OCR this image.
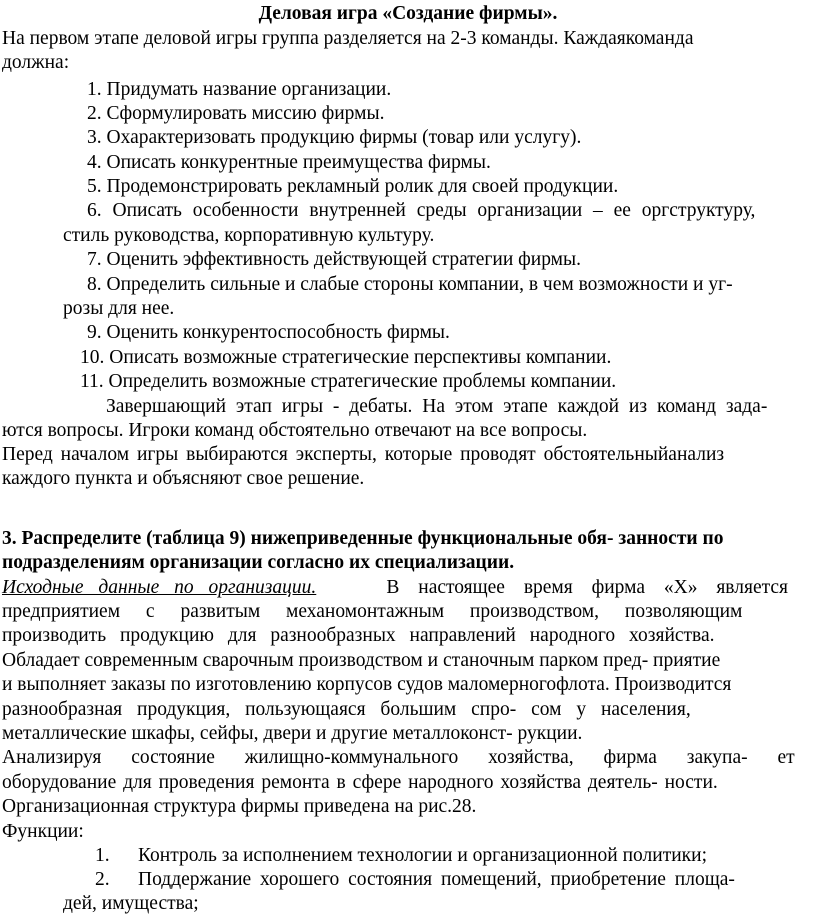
Деловая игра «Создание фирмы».
На первом этапе деловой игры группа разделяется на 2-3 команды. Каждаякоманда
должна:
1. Придумать название организации.
2. Сформулировать миссию фирмы.
3. Охарактеризовать продукцию фирмы (товар или услугу).
4. Описать конкурентные преимущества фирмы.
5. Продемонстрировать рекламный ролик для своей продукции.
6. Описать особенности внутренней среды организации – ее оргструктуру,
стиль руководства, корпоративную культуру.
7. Оценить эффективность действующей стратегии фирмы.
8. Определить сильные и слабые стороны компании, в чем возможности и уг-
розы для нее.
9. Оценить конкурентоспособность фирмы.
10. Описать возможные стратегические перспективы компании.
11. Определить возможные стратегические проблемы компании.
Завершающий этап игры - дебаты. На этом этапе каждой из команд зада-
ются вопросы. Игроки команд обстоятельно отвечают на все вопросы.
Перед началом игры выбираются эксперты, которые проводят обстоятельныйанализ
каждого пункта и объясняют свое решение.
3. Распределите (таблица 9) нижеприведенные функциональные обя- занности по
подразделениям организации согласно их специализации.
Исходные данные по организации.	В настоящее время фирма «Х» является
предприятием с развитым механомонтажным производством, позволяющим
производить продукцию для разнообразных направлений народного хозяйства.
Обладает современным сварочным производством и станочным парком пред- приятие
и выполняет заказы по изготовлению корпусов судов маломерногофлота. Производится
разнообразная продукция, пользующаяся большим спро- сом у населения,
металлические шкафы, сейфы, двери и другие металлоконст- рукции.
Анализируя состояние жилищно-коммунального хозяйства, фирма закупа- ет
оборудование для проведения ремонта в сфере народного хозяйства деятель- ности.
Организационная структура фирмы приведена на рис.28.
Функции:
1. Контроль за исполнением технологии и организационной политики;
2. Поддержание хорошего состояния помещений, приобретение площа-
дей, имущества;
